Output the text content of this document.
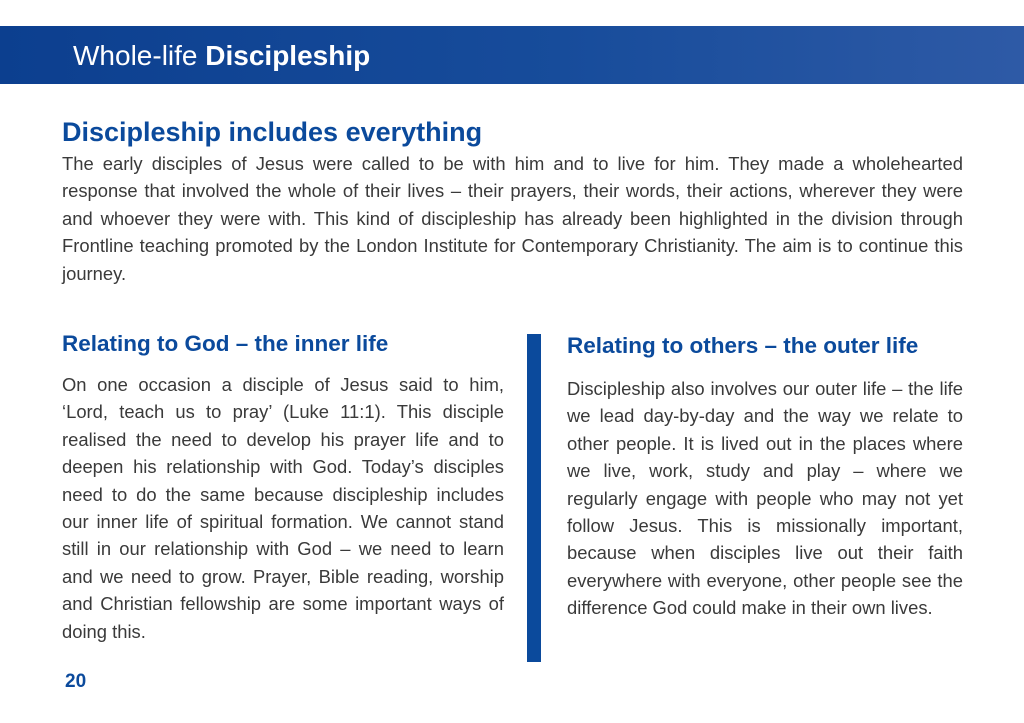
Whole-life Discipleship
Discipleship includes everything

The early disciples of Jesus were called to be with him and to live for him. They made a wholehearted response that involved the whole of their lives – their prayers, their words, their actions, wherever they were and whoever they were with. This kind of discipleship has already been highlighted in the division through Frontline teaching promoted by the London Institute for Contemporary Christianity. The aim is to continue this journey.

Relating to God – the inner life

On one occasion a disciple of Jesus said to him, ‘Lord, teach us to pray’ (Luke 11:1). This disciple realised the need to develop his prayer life and to deepen his relationship with God. Today’s disciples need to do the same because discipleship includes our inner life of spiritual formation. We cannot stand still in our relationship with God – we need to learn and we need to grow. Prayer, Bible reading, worship and Christian fellowship are some important ways of doing this.

Relating to others – the outer life

Discipleship also involves our outer life – the life we lead day-by-day and the way we relate to other people. It is lived out in the places where we live, work, study and play – where we regularly engage with people who may not yet follow Jesus. This is missionally important, because when disciples live out their faith everywhere with everyone, other people see the difference God could make in their own lives.

20
